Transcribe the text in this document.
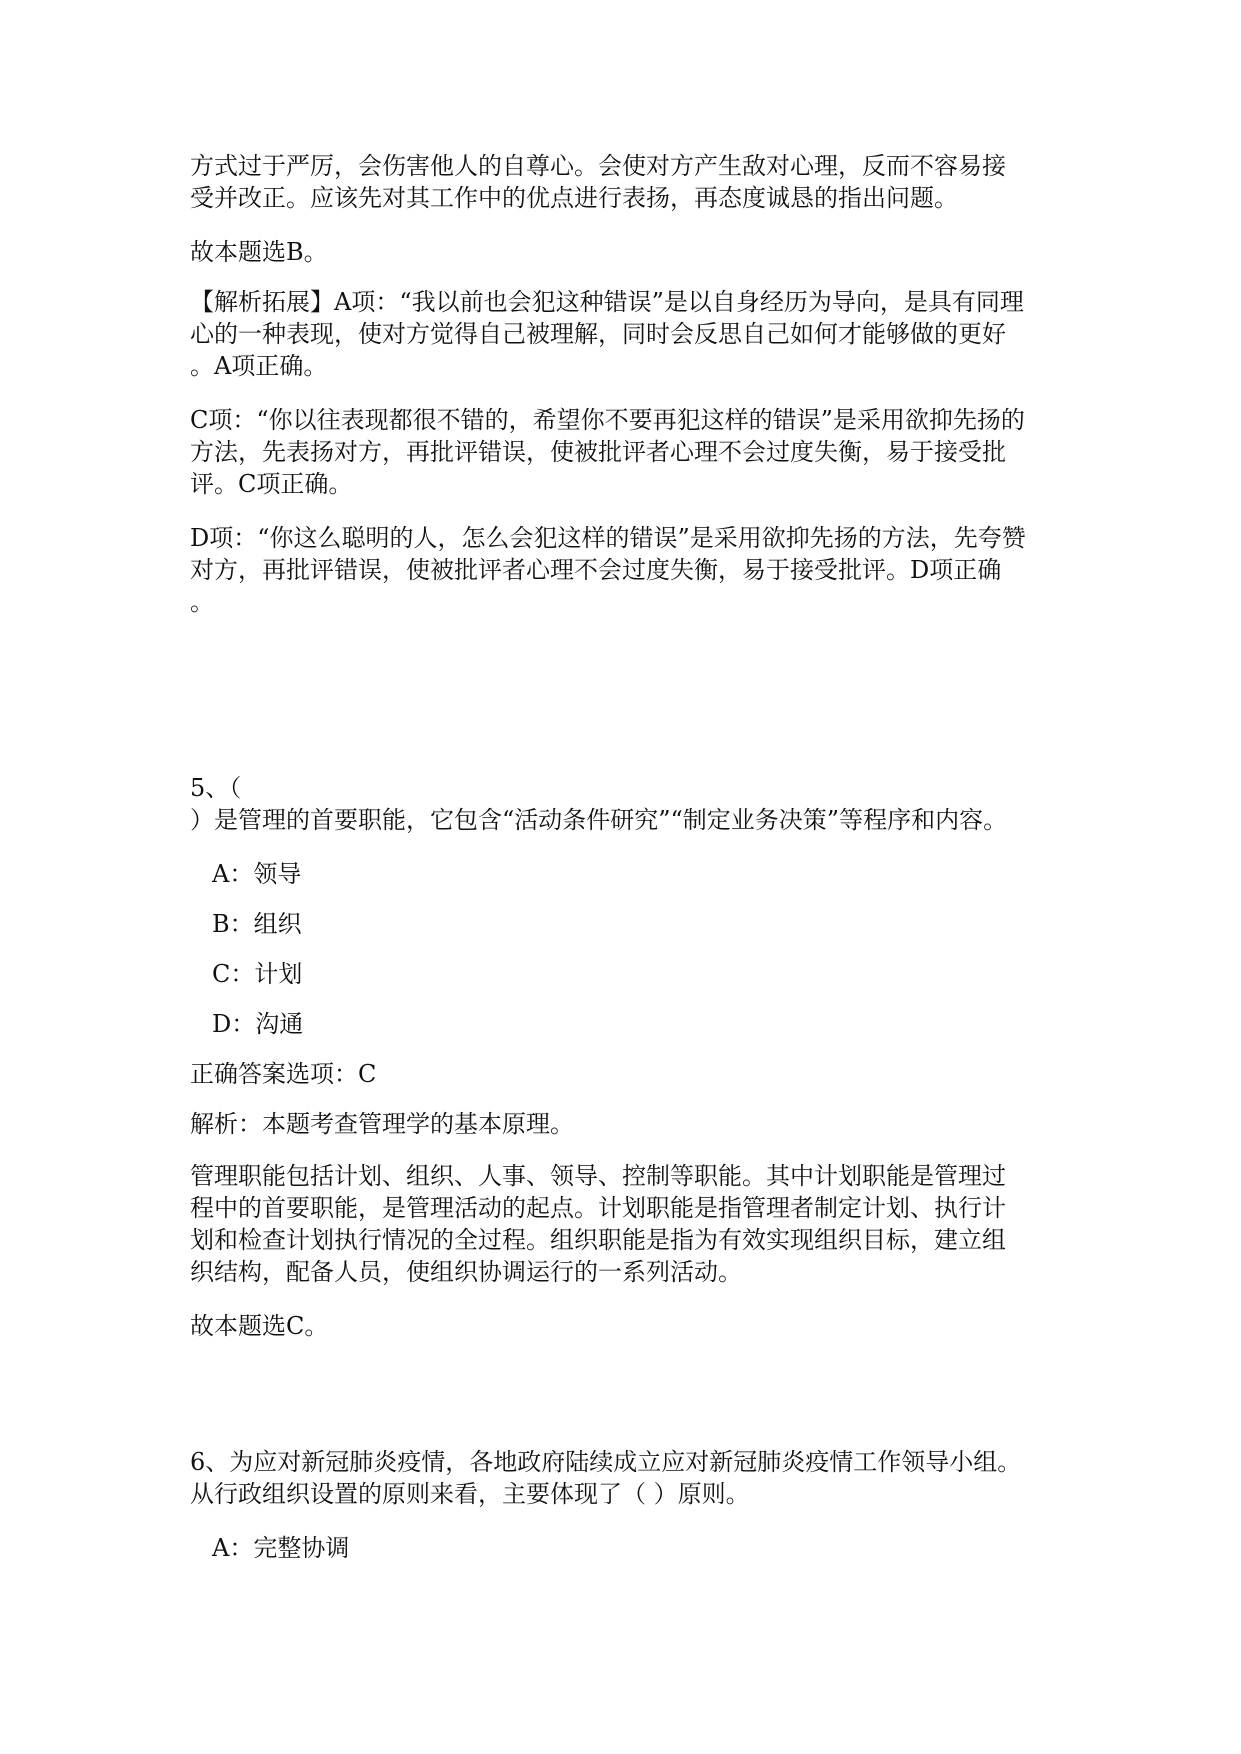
方式过于严厉，会伤害他人的自尊心。会使对方产生敌对心理，反而不容易接
受并改正。应该先对其工作中的优点进行表扬，再态度诚恳的指出问题。
故本题选B。
【解析拓展】A项：“我以前也会犯这种错误”是以自身经历为导向，是具有同理
心的一种表现，使对方觉得自己被理解，同时会反思自己如何才能够做的更好
。A项正确。
C项：“你以往表现都很不错的，希望你不要再犯这样的错误”是采用欲抑先扬的
方法，先表扬对方，再批评错误，使被批评者心理不会过度失衡，易于接受批
评。C项正确。
D项：“你这么聪明的人，怎么会犯这样的错误”是采用欲抑先扬的方法，先夸赞
对方，再批评错误，使被批评者心理不会过度失衡，易于接受批评。D项正确
。
5、（
）是管理的首要职能，它包含“活动条件研究”“制定业务决策”等程序和内容。
A：领导
B：组织
C：计划
D：沟通
正确答案选项：C
解析：本题考查管理学的基本原理。
管理职能包括计划、组织、人事、领导、控制等职能。其中计划职能是管理过
程中的首要职能，是管理活动的起点。计划职能是指管理者制定计划、执行计
划和检查计划执行情况的全过程。组织职能是指为有效实现组织目标，建立组
织结构，配备人员，使组织协调运行的一系列活动。
故本题选C。
6、为应对新冠肺炎疫情，各地政府陆续成立应对新冠肺炎疫情工作领导小组。
从行政组织设置的原则来看，主要体现了（ ）原则。
A：完整协调
